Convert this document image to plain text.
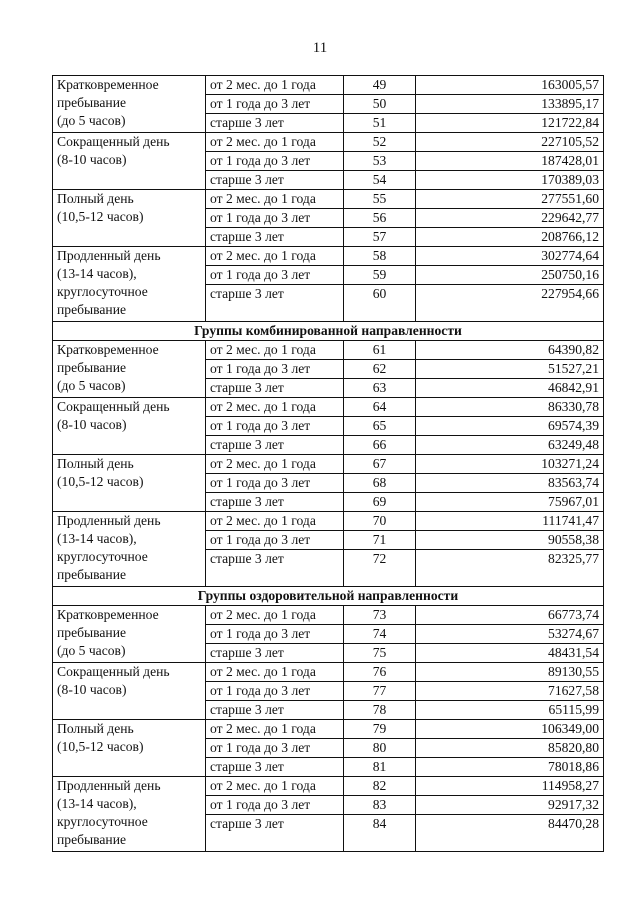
11
Кратковременное
пребывание
(до 5 часов)	от 2 мес. до 1 года	49	163005,57
	от 1 года до 3 лет	50	133895,17
	старше 3 лет	51	121722,84

Сокращенный день
(8-10 часов)	от 2 мес. до 1 года	52	227105,52
	от 1 года до 3 лет	53	187428,01
	старше 3 лет	54	170389,03

Полный день
(10,5-12 часов)	от 2 мес. до 1 года	55	277551,60
	от 1 года до 3 лет	56	229642,77
	старше 3 лет	57	208766,12

Продленный день
(13-14 часов),
круглосуточное
пребывание	от 2 мес. до 1 года	58	302774,64
	от 1 года до 3 лет	59	250750,16
	старше 3 лет	60	227954,66
Группы комбинированной направленности			

Кратковременное
пребывание
(до 5 часов)	от 2 мес. до 1 года	61	64390,82
	от 1 года до 3 лет	62	51527,21
	старше 3 лет	63	46842,91

Сокращенный день
(8-10 часов)	от 2 мес. до 1 года	64	86330,78
	от 1 года до 3 лет	65	69574,39
	старше 3 лет	66	63249,48

Полный день
(10,5-12 часов)	от 2 мес. до 1 года	67	103271,24
	от 1 года до 3 лет	68	83563,74
	старше 3 лет	69	75967,01

Продленный день
(13-14 часов),
круглосуточное
пребывание	от 2 мес. до 1 года	70	111741,47
	от 1 года до 3 лет	71	90558,38
	старше 3 лет	72	82325,77
Группы оздоровительной направленности			

Кратковременное
пребывание
(до 5 часов)	от 2 мес. до 1 года	73	66773,74
	от 1 года до 3 лет	74	53274,67
	старше 3 лет	75	48431,54

Сокращенный день
(8-10 часов)	от 2 мес. до 1 года	76	89130,55
	от 1 года до 3 лет	77	71627,58
	старше 3 лет	78	65115,99

Полный день
(10,5-12 часов)	от 2 мес. до 1 года	79	106349,00
	от 1 года до 3 лет	80	85820,80
	старше 3 лет	81	78018,86

Продленный день
(13-14 часов),
круглосуточное
пребывание	от 2 мес. до 1 года	82	114958,27
	от 1 года до 3 лет	83	92917,32
	старше 3 лет	84	84470,28
